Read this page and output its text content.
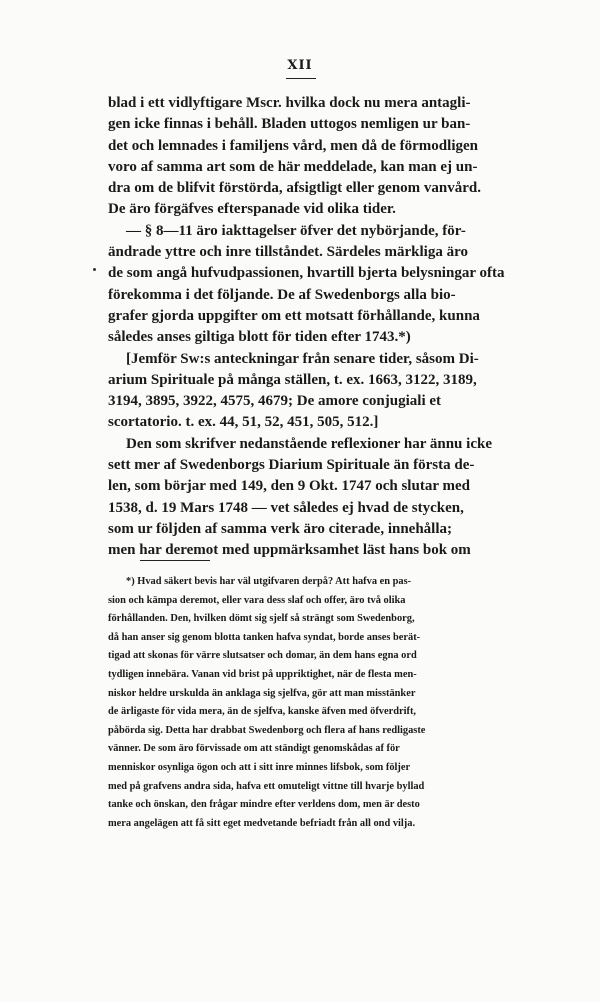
XII
blad i ett vidlyftigare Mscr. hvilka dock nu mera antagli-
gen icke finnas i behåll. Bladen uttogos nemligen ur ban-
det och lemnades i familjens vård, men då de förmodligen
voro af samma art som de här meddelade, kan man ej un-
dra om de blifvit förstörda, afsigtligt eller genom vanvård.
De äro förgäfves efterspanade vid olika tider.
— § 8—11 äro iakttagelser öfver det nybörjande, för-
ändrade yttre och inre tillståndet. Särdeles märkliga äro
de som angå hufvudpassionen, hvartill bjerta belysningar ofta
förekomma i det följande. De af Swedenborgs alla bio-
grafer gjorda uppgifter om ett motsatt förhållande, kunna
således anses giltiga blott för tiden efter 1743.*)
[Jemför Sw:s anteckningar från senare tider, såsom Di-
arium Spirituale på många ställen, t. ex. 1663, 3122, 3189,
3194, 3895, 3922, 4575, 4679; De amore conjugiali et
scortatorio. t. ex. 44, 51, 52, 451, 505, 512.]
Den som skrifver nedanstående reflexioner har ännu icke
sett mer af Swedenborgs Diarium Spirituale än första de-
len, som börjar med 149, den 9 Okt. 1747 och slutar med
1538, d. 19 Mars 1748 — vet således ej hvad de stycken,
som ur följden af samma verk äro citerade, innehålla;
men har deremot med uppmärksamhet läst hans bok om
*) Hvad säkert bevis har väl utgifvaren derpå? Att hafva en pas-
sion och kämpa deremot, eller vara dess slaf och offer, äro två olika
förhållanden. Den, hvilken dömt sig sjelf så strängt som Swedenborg,
då han anser sig genom blotta tanken hafva syndat, borde anses berät-
tigad att skonas för värre slutsatser och domar, än dem hans egna ord
tydligen innebära. Vanan vid brist på uppriktighet, när de flesta men-
niskor heldre urskulda än anklaga sig sjelfva, gör att man misstänker
de ärligaste för vida mera, än de sjelfva, kanske äfven med öfverdrift,
påbörda sig. Detta har drabbat Swedenborg och flera af hans redligaste
vänner. De som äro förvissade om att ständigt genomskådas af för
menniskor osynliga ögon och att i sitt inre minnes lifsbok, som följer
med på grafvens andra sida, hafva ett omuteligt vittne till hvarje byllad
tanke och önskan, den frågar mindre efter verldens dom, men är desto
mera angelägen att få sitt eget medvetande befriadt från all ond vilja.
